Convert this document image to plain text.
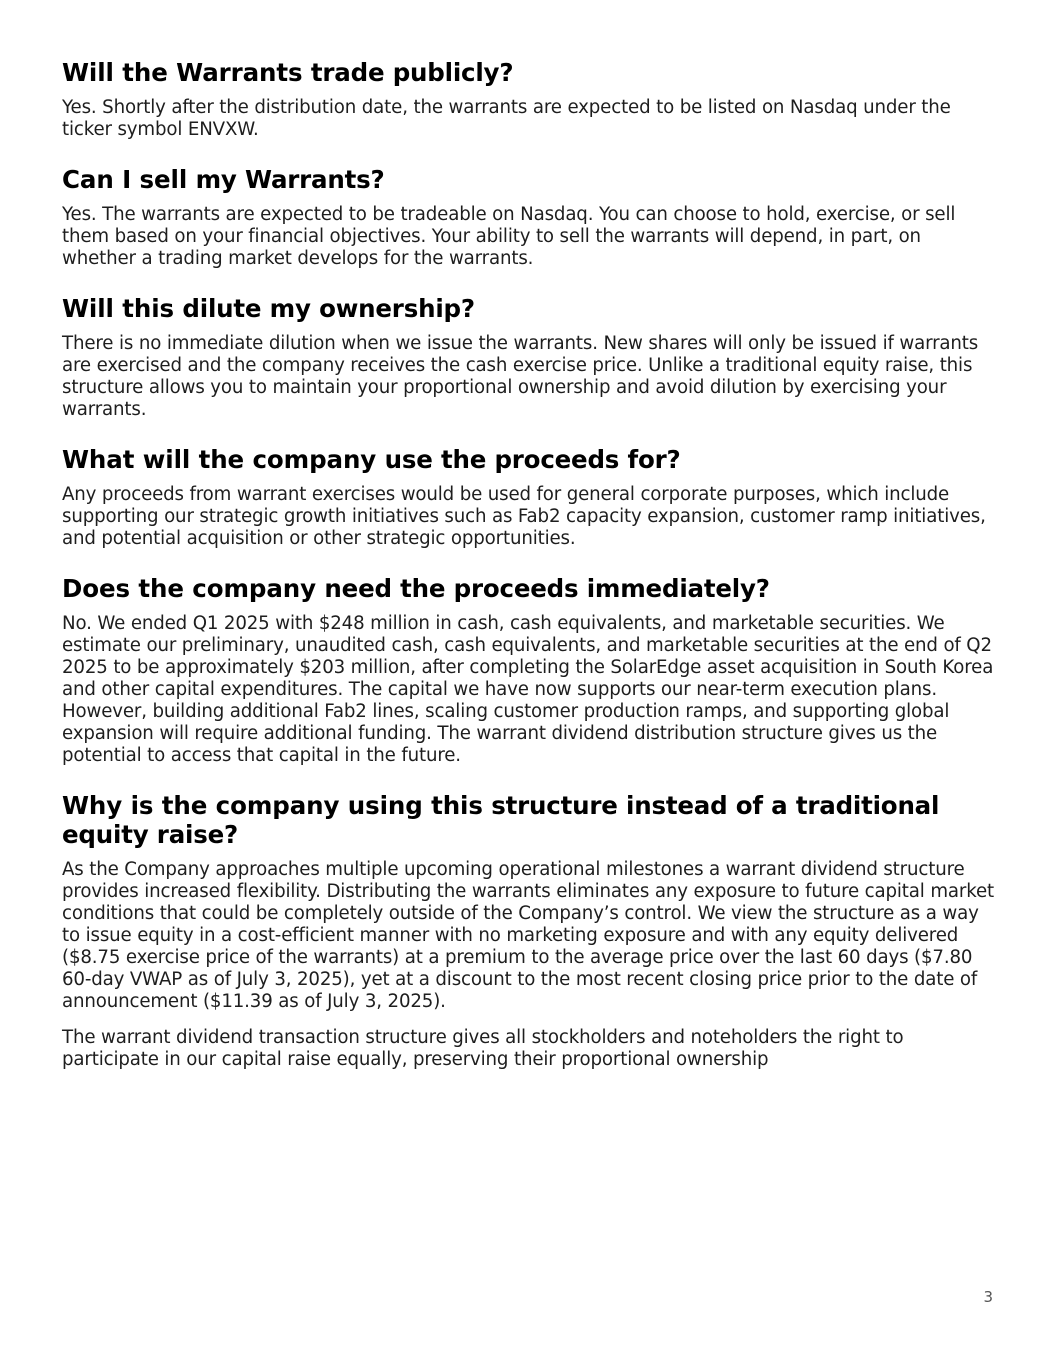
Will the Warrants trade publicly?

Yes. Shortly after the distribution date, the warrants are expected to be listed on Nasdaq under the ticker symbol ENVXW.

Can I sell my Warrants?

Yes. The warrants are expected to be tradeable on Nasdaq. You can choose to hold, exercise, or sell them based on your financial objectives. Your ability to sell the warrants will depend, in part, on whether a trading market develops for the warrants.

Will this dilute my ownership?

There is no immediate dilution when we issue the warrants. New shares will only be issued if warrants are exercised and the company receives the cash exercise price. Unlike a traditional equity raise, this structure allows you to maintain your proportional ownership and avoid dilution by exercising your warrants.

What will the company use the proceeds for?

Any proceeds from warrant exercises would be used for general corporate purposes, which include supporting our strategic growth initiatives such as Fab2 capacity expansion, customer ramp initiatives, and potential acquisition or other strategic opportunities.

Does the company need the proceeds immediately?

No. We ended Q1 2025 with $248 million in cash, cash equivalents, and marketable securities. We estimate our preliminary, unaudited cash, cash equivalents, and marketable securities at the end of Q2 2025 to be approximately $203 million, after completing the SolarEdge asset acquisition in South Korea and other capital expenditures. The capital we have now supports our near-term execution plans. However, building additional Fab2 lines, scaling customer production ramps, and supporting global expansion will require additional funding. The warrant dividend distribution structure gives us the potential to access that capital in the future.

Why is the company using this structure instead of a traditional equity raise?

As the Company approaches multiple upcoming operational milestones a warrant dividend structure provides increased flexibility. Distributing the warrants eliminates any exposure to future capital market conditions that could be completely outside of the Company’s control. We view the structure as a way to issue equity in a cost-efficient manner with no marketing exposure and with any equity delivered ($8.75 exercise price of the warrants) at a premium to the average price over the last 60 days ($7.80 60-day VWAP as of July 3, 2025), yet at a discount to the most recent closing price prior to the date of announcement ($11.39 as of July 3, 2025).

The warrant dividend transaction structure gives all stockholders and noteholders the right to participate in our capital raise equally, preserving their proportional ownership

3
